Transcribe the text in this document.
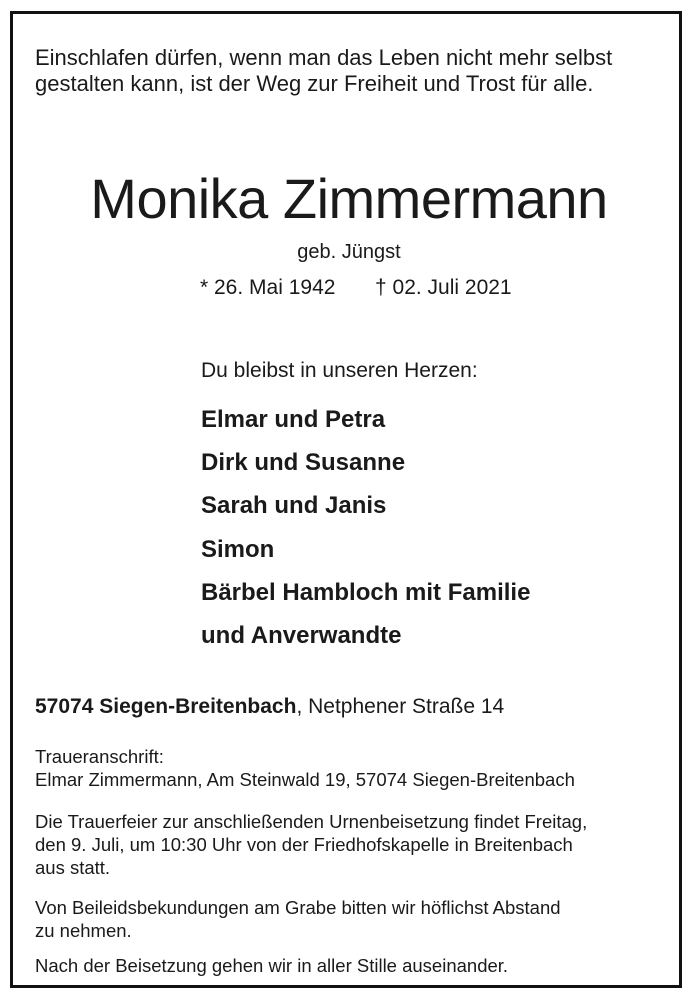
Einschlafen dürfen, wenn man das Leben nicht mehr selbst
gestalten kann, ist der Weg zur Freiheit und Trost für alle.
Monika Zimmermann
geb. Jüngst
* 26. Mai 1942 † 02. Juli 2021
Du bleibst in unseren Herzen:
Elmar und Petra
Dirk und Susanne
Sarah und Janis
Simon
Bärbel Hambloch mit Familie
und Anverwandte
57074 Siegen-Breitenbach, Netphener Straße 14
Traueranschrift:
Elmar Zimmermann, Am Steinwald 19, 57074 Siegen-Breitenbach
Die Trauerfeier zur anschließenden Urnenbeisetzung findet Freitag,
den 9. Juli, um 10:30 Uhr von der Friedhofskapelle in Breitenbach
aus statt.
Von Beileidsbekundungen am Grabe bitten wir höflichst Abstand
zu nehmen.
Nach der Beisetzung gehen wir in aller Stille auseinander.
